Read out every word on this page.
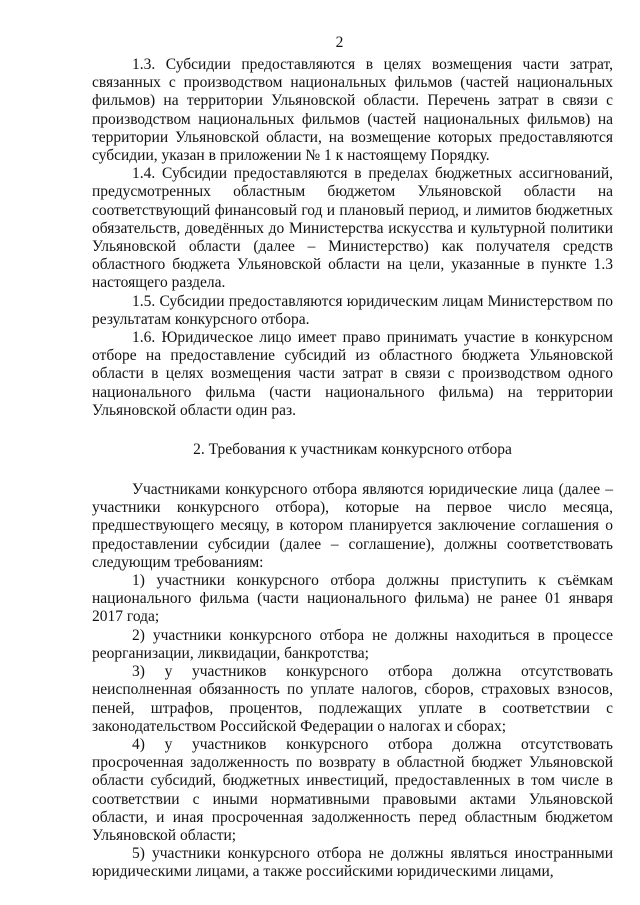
2

1.3. Субсидии предоставляются в целях возмещения части затрат, связанных с производством национальных фильмов (частей национальных фильмов) на территории Ульяновской области. Перечень затрат в связи с производством национальных фильмов (частей национальных фильмов) на территории Ульяновской области, на возмещение которых предоставляются субсидии, указан в приложении № 1 к настоящему Порядку.

1.4. Субсидии предоставляются в пределах бюджетных ассигнований, предусмотренных областным бюджетом Ульяновской области на соответствующий финансовый год и плановый период, и лимитов бюджетных обязательств, доведённых до Министерства искусства и культурной политики Ульяновской области (далее – Министерство) как получателя средств областного бюджета Ульяновской области на цели, указанные в пункте 1.3 настоящего раздела.

1.5. Субсидии предоставляются юридическим лицам Министерством по результатам конкурсного отбора.

1.6. Юридическое лицо имеет право принимать участие в конкурсном отборе на предоставление субсидий из областного бюджета Ульяновской области в целях возмещения части затрат в связи с производством одного национального фильма (части национального фильма) на территории Ульяновской области один раз.

2. Требования к участникам конкурсного отбора

Участниками конкурсного отбора являются юридические лица (далее – участники конкурсного отбора), которые на первое число месяца, предшествующего месяцу, в котором планируется заключение соглашения о предоставлении субсидии (далее – соглашение), должны соответствовать следующим требованиям:

1) участники конкурсного отбора должны приступить к съёмкам национального фильма (части национального фильма) не ранее 01 января 2017 года;

2) участники конкурсного отбора не должны находиться в процессе реорганизации, ликвидации, банкротства;

3) у участников конкурсного отбора должна отсутствовать неисполненная обязанность по уплате налогов, сборов, страховых взносов, пеней, штрафов, процентов, подлежащих уплате в соответствии с законодательством Российской Федерации о налогах и сборах;

4) у участников конкурсного отбора должна отсутствовать просроченная задолженность по возврату в областной бюджет Ульяновской области субсидий, бюджетных инвестиций, предоставленных в том числе в соответствии с иными нормативными правовыми актами Ульяновской области, и иная просроченная задолженность перед областным бюджетом Ульяновской области;

5) участники конкурсного отбора не должны являться иностранными юридическими лицами, а также российскими юридическими лицами,
